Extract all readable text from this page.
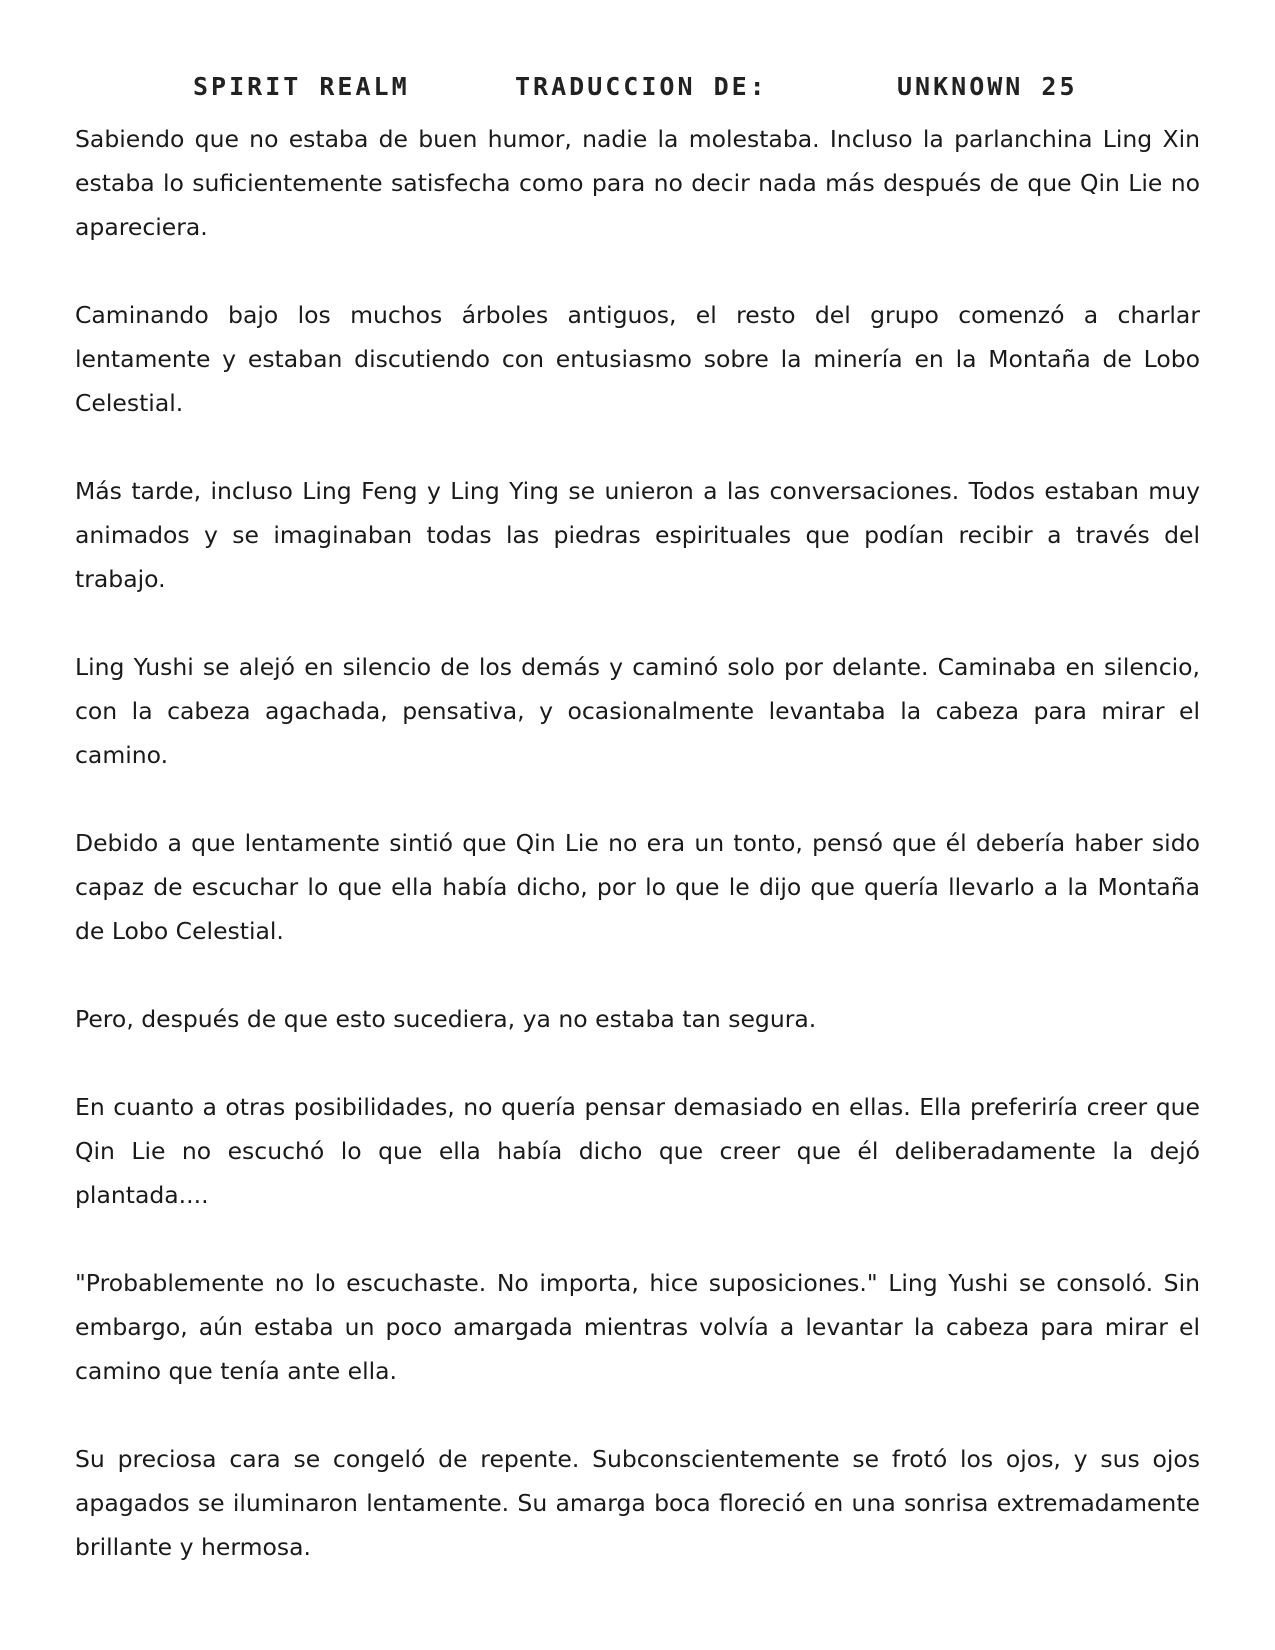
SPIRIT REALM	TRADUCCION DE:	UNKNOWN 25

Sabiendo que no estaba de buen humor, nadie la molestaba. Incluso la parlanchina Ling Xin estaba lo suficientemente satisfecha como para no decir nada más después de que Qin Lie no apareciera.

Caminando bajo los muchos árboles antiguos, el resto del grupo comenzó a charlar lentamente y estaban discutiendo con entusiasmo sobre la minería en la Montaña de Lobo Celestial.

Más tarde, incluso Ling Feng y Ling Ying se unieron a las conversaciones. Todos estaban muy animados y se imaginaban todas las piedras espirituales que podían recibir a través del trabajo.

Ling Yushi se alejó en silencio de los demás y caminó solo por delante. Caminaba en silencio, con la cabeza agachada, pensativa, y ocasionalmente levantaba la cabeza para mirar el camino.

Debido a que lentamente sintió que Qin Lie no era un tonto, pensó que él debería haber sido capaz de escuchar lo que ella había dicho, por lo que le dijo que quería llevarlo a la Montaña de Lobo Celestial.

Pero, después de que esto sucediera, ya no estaba tan segura.

En cuanto a otras posibilidades, no quería pensar demasiado en ellas. Ella preferiría creer que Qin Lie no escuchó lo que ella había dicho que creer que él deliberadamente la dejó plantada....

"Probablemente no lo escuchaste. No importa, hice suposiciones." Ling Yushi se consoló. Sin embargo, aún estaba un poco amargada mientras volvía a levantar la cabeza para mirar el camino que tenía ante ella.

Su preciosa cara se congeló de repente. Subconscientemente se frotó los ojos, y sus ojos apagados se iluminaron lentamente. Su amarga boca floreció en una sonrisa extremadamente brillante y hermosa.
